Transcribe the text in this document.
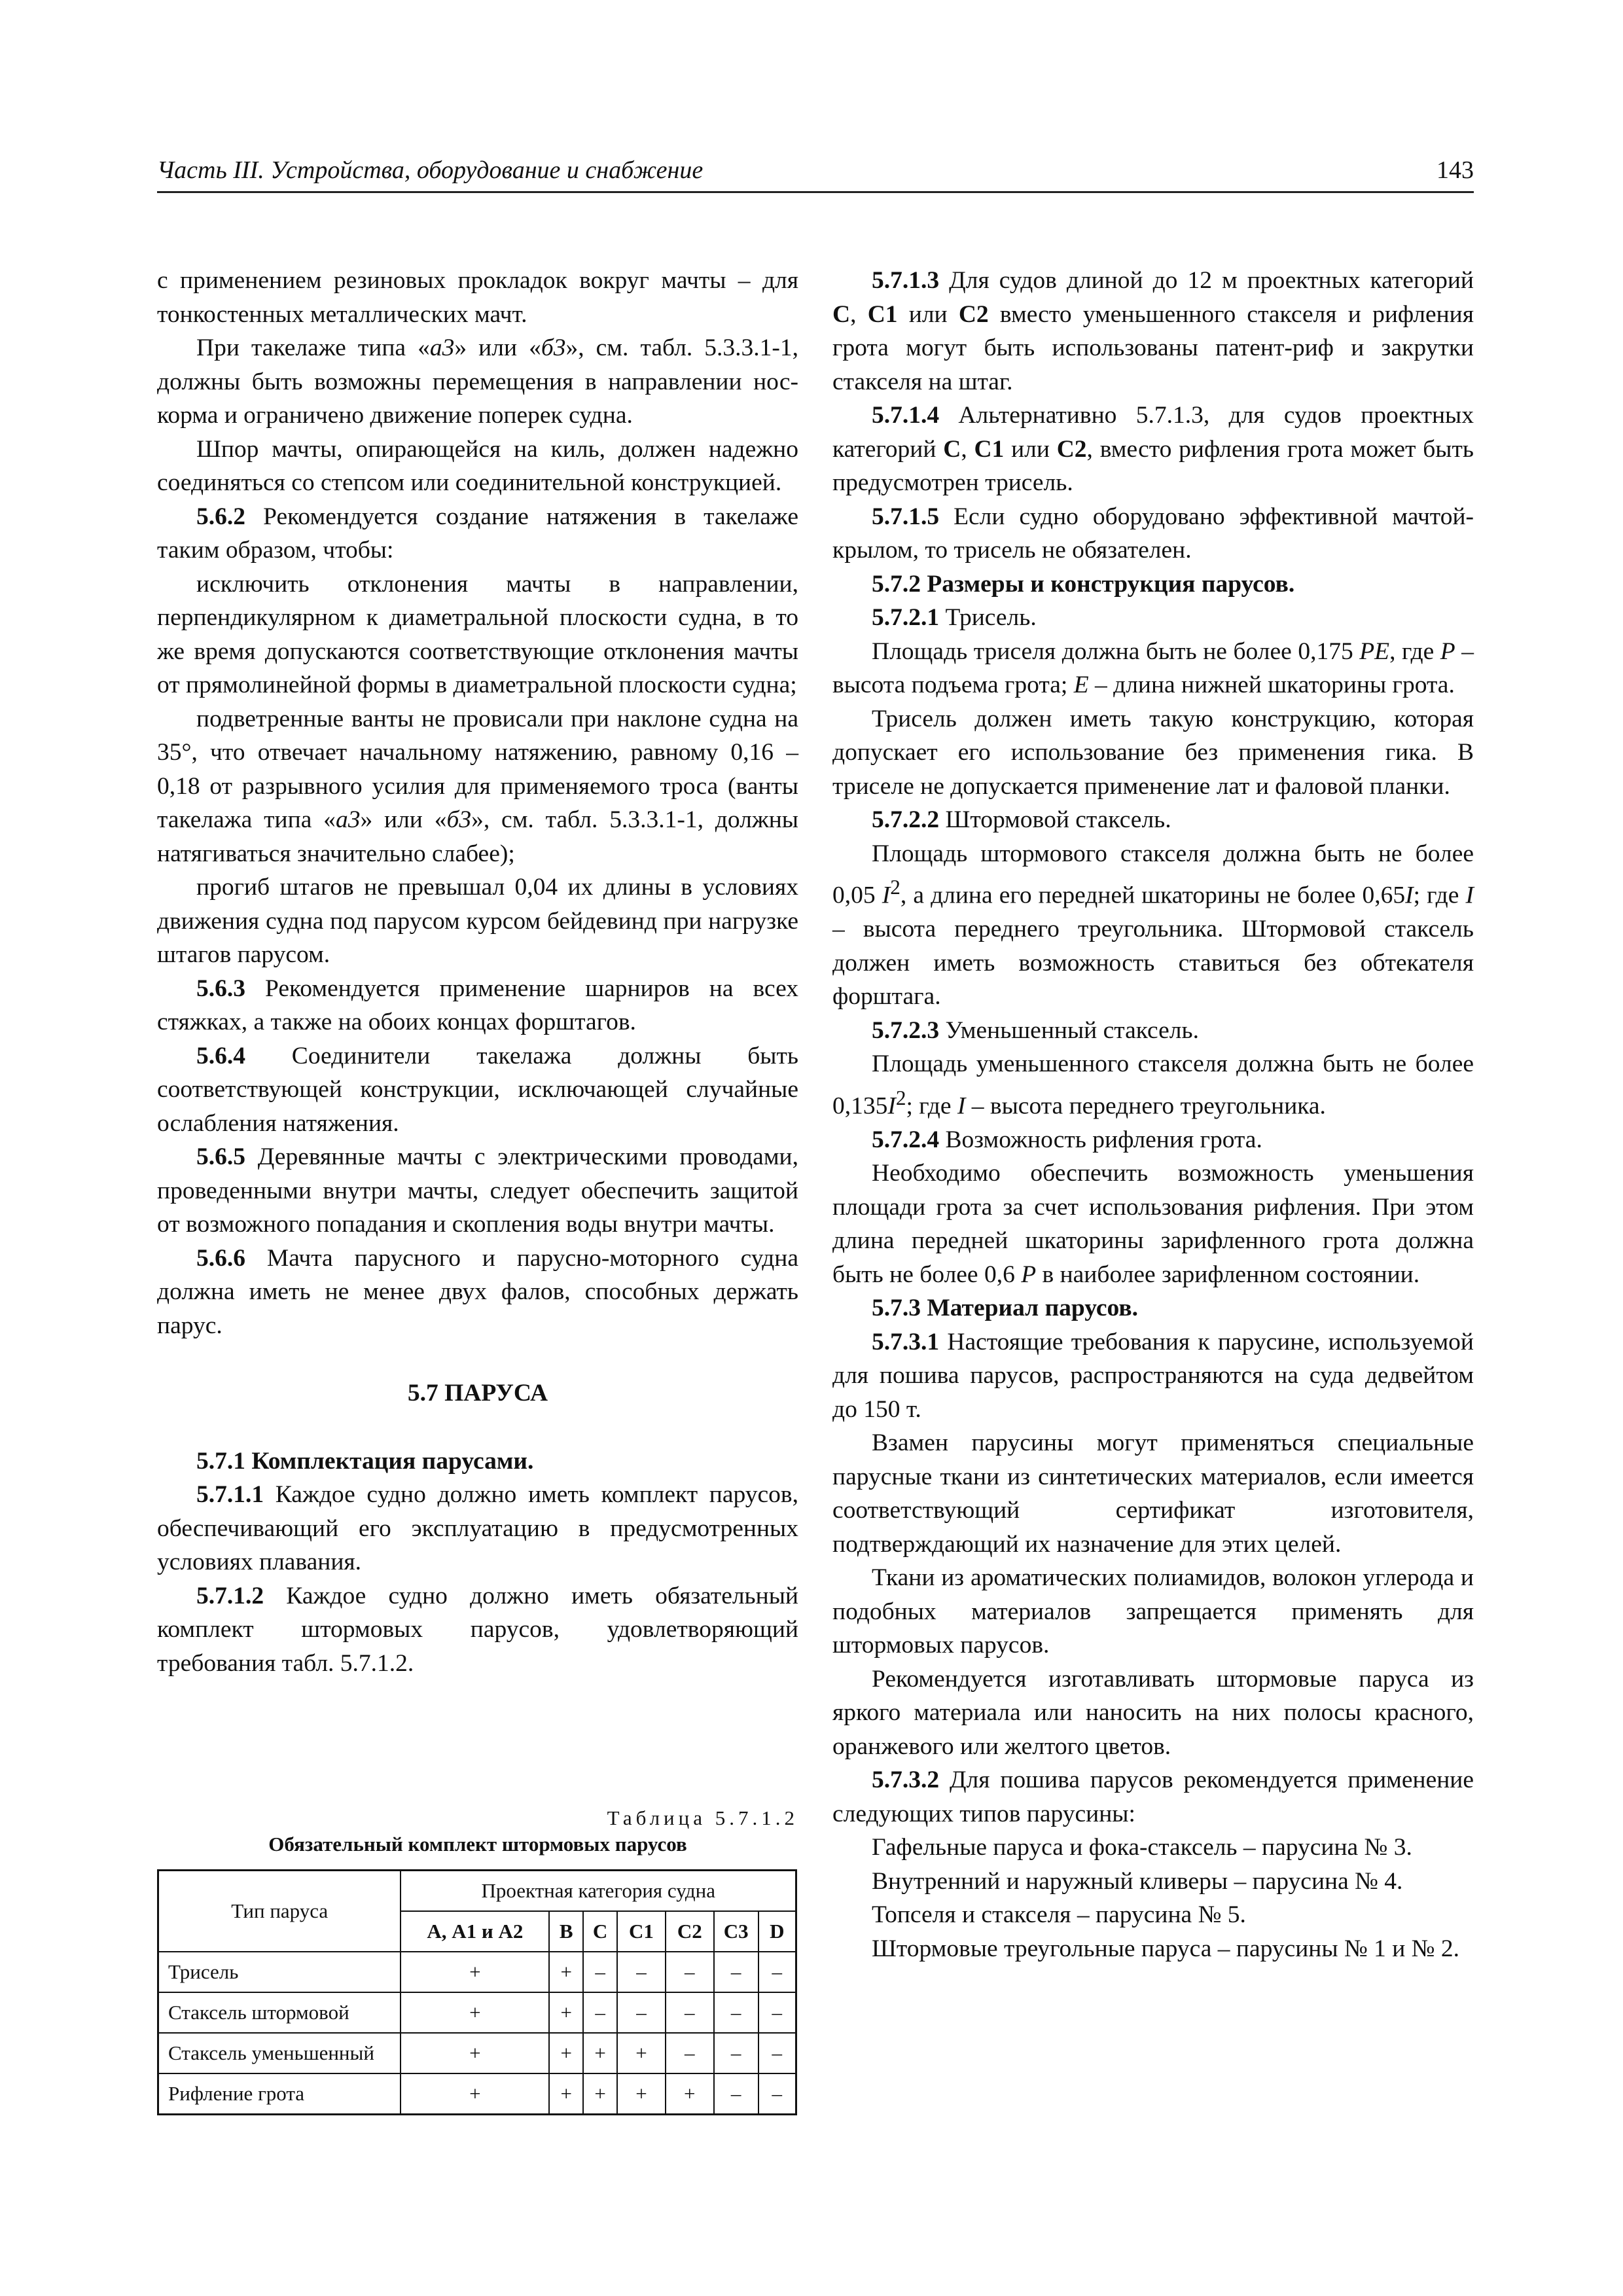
Часть III. Устройства, оборудование и снабжение	143

с применением резиновых прокладок вокруг мачты – для тонкостенных металлических мачт.

При такелаже типа «а3» или «б3», см. табл. 5.3.3.1-1, должны быть возможны перемещения в направлении нос-корма и ограничено движение поперек судна.

Шпор мачты, опирающейся на киль, должен надежно соединяться со степсом или соединительной конструкцией.

5.6.2 Рекомендуется создание натяжения в такелаже таким образом, чтобы:

исключить отклонения мачты в направлении, перпендикулярном к диаметральной плоскости судна, в то же время допускаются соответствующие отклонения мачты от прямолинейной формы в диаметральной плоскости судна;

подветренные ванты не провисали при наклоне судна на 35°, что отвечает начальному натяжению, равному 0,16 – 0,18 от разрывного усилия для применяемого троса (ванты такелажа типа «а3» или «б3», см. табл. 5.3.3.1-1, должны натягиваться значительно слабее);

прогиб штагов не превышал 0,04 их длины в условиях движения судна под парусом курсом бейдевинд при нагрузке штагов парусом.

5.6.3 Рекомендуется применение шарниров на всех стяжках, а также на обоих концах форштагов.

5.6.4 Соединители такелажа должны быть соответствующей конструкции, исключающей случайные ослабления натяжения.

5.6.5 Деревянные мачты с электрическими проводами, проведенными внутри мачты, следует обеспечить защитой от возможного попадания и скопления воды внутри мачты.

5.6.6 Мачта парусного и парусно-моторного судна должна иметь не менее двух фалов, способных держать парус.

5.7 ПАРУСА

5.7.1 Комплектация парусами.

5.7.1.1 Каждое судно должно иметь комплект парусов, обеспечивающий его эксплуатацию в предусмотренных условиях плавания.

5.7.1.2 Каждое судно должно иметь обязательный комплект штормовых парусов, удовлетворяющий требования табл. 5.7.1.2.

Таблица 5.7.1.2
Обязательный комплект штормовых парусов
Тип паруса	Проектная категория судна						
	А, А1 и А2	B	C	C1	C2	C3	D
Трисель	+	+	–	–	–	–	–
Стаксель штормовой	+	+	–	–	–	–	–
Стаксель уменьшенный	+	+	+	+	–	–	–
Рифление грота	+	+	+	+	+	–	–

5.7.1.3 Для судов длиной до 12 м проектных категорий C, C1 или C2 вместо уменьшенного стакселя и рифления грота могут быть использованы патент-риф и закрутки стакселя на штаг.

5.7.1.4 Альтернативно 5.7.1.3, для судов проектных категорий C, C1 или C2, вместо рифления грота может быть предусмотрен трисель.

5.7.1.5 Если судно оборудовано эффективной мачтой-крылом, то трисель не обязателен.

5.7.2 Размеры и конструкция парусов.

5.7.2.1 Трисель.

Площадь триселя должна быть не более 0,175 PE, где P – высота подъема грота; E – длина нижней шкаторины грота.

Трисель должен иметь такую конструкцию, которая допускает его использование без применения гика. В триселе не допускается применение лат и фаловой планки.

5.7.2.2 Штормовой стаксель.

Площадь штормового стакселя должна быть не более 0,05 $I^2$, а длина его передней шкаторины не более 0,65I; где I – высота переднего треугольника. Штормовой стаксель должен иметь возможность ставиться без обтекателя форштага.

5.7.2.3 Уменьшенный стаксель.

Площадь уменьшенного стакселя должна быть не более $0,135I^2$; где I – высота переднего треугольника.

5.7.2.4 Возможность рифления грота.

Необходимо обеспечить возможность уменьшения площади грота за счет использования рифления. При этом длина передней шкаторины зарифленного грота должна быть не более 0,6 P в наиболее зарифленном состоянии.

5.7.3 Материал парусов.

5.7.3.1 Настоящие требования к парусине, используемой для пошива парусов, распространяются на суда дедвейтом до 150 т.

Взамен парусины могут применяться специальные парусные ткани из синтетических материалов, если имеется соответствующий сертификат изготовителя, подтверждающий их назначение для этих целей.

Ткани из ароматических полиамидов, волокон углерода и подобных материалов запрещается применять для штормовых парусов.

Рекомендуется изготавливать штормовые паруса из яркого материала или наносить на них полосы красного, оранжевого или желтого цветов.

5.7.3.2 Для пошива парусов рекомендуется применение следующих типов парусины:

Гафельные паруса и фока-стаксель – парусина № 3.

Внутренний и наружный кливеры – парусина № 4.

Топселя и стакселя – парусина № 5.

Штормовые треугольные паруса – парусины № 1 и № 2.
